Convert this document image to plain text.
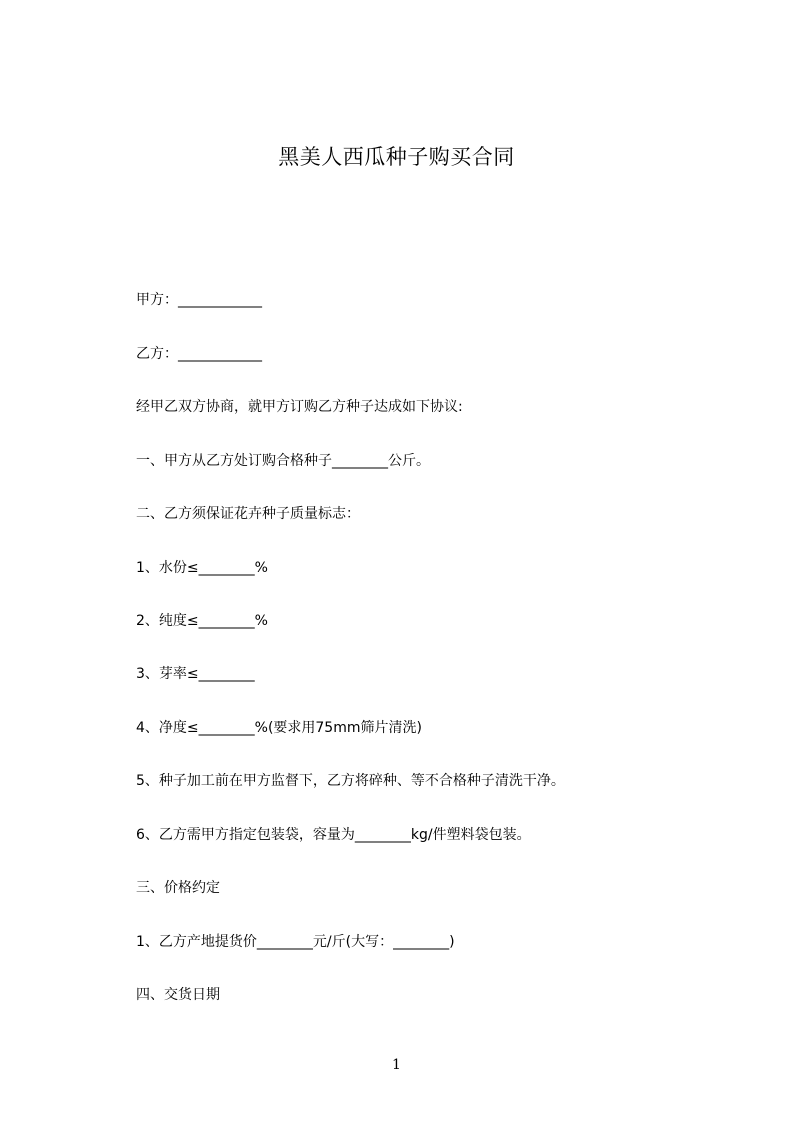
黑美人西瓜种子购买合同
甲方：____________
乙方：____________
经甲乙双方协商，就甲方订购乙方种子达成如下协议:
一、甲方从乙方处订购合格种子________公斤。
二、乙方须保证花卉种子质量标志：
1、水份≤________%
2、纯度≤________%
3、芽率≤________
4、净度≤________%(要求用75mm筛片清洗)
5、种子加工前在甲方监督下，乙方将碎种、等不合格种子清洗干净。
6、乙方需甲方指定包装袋，容量为________kg/件塑料袋包装。
三、价格约定
1、乙方产地提货价________元/斤(大写：________)
四、交货日期
1
